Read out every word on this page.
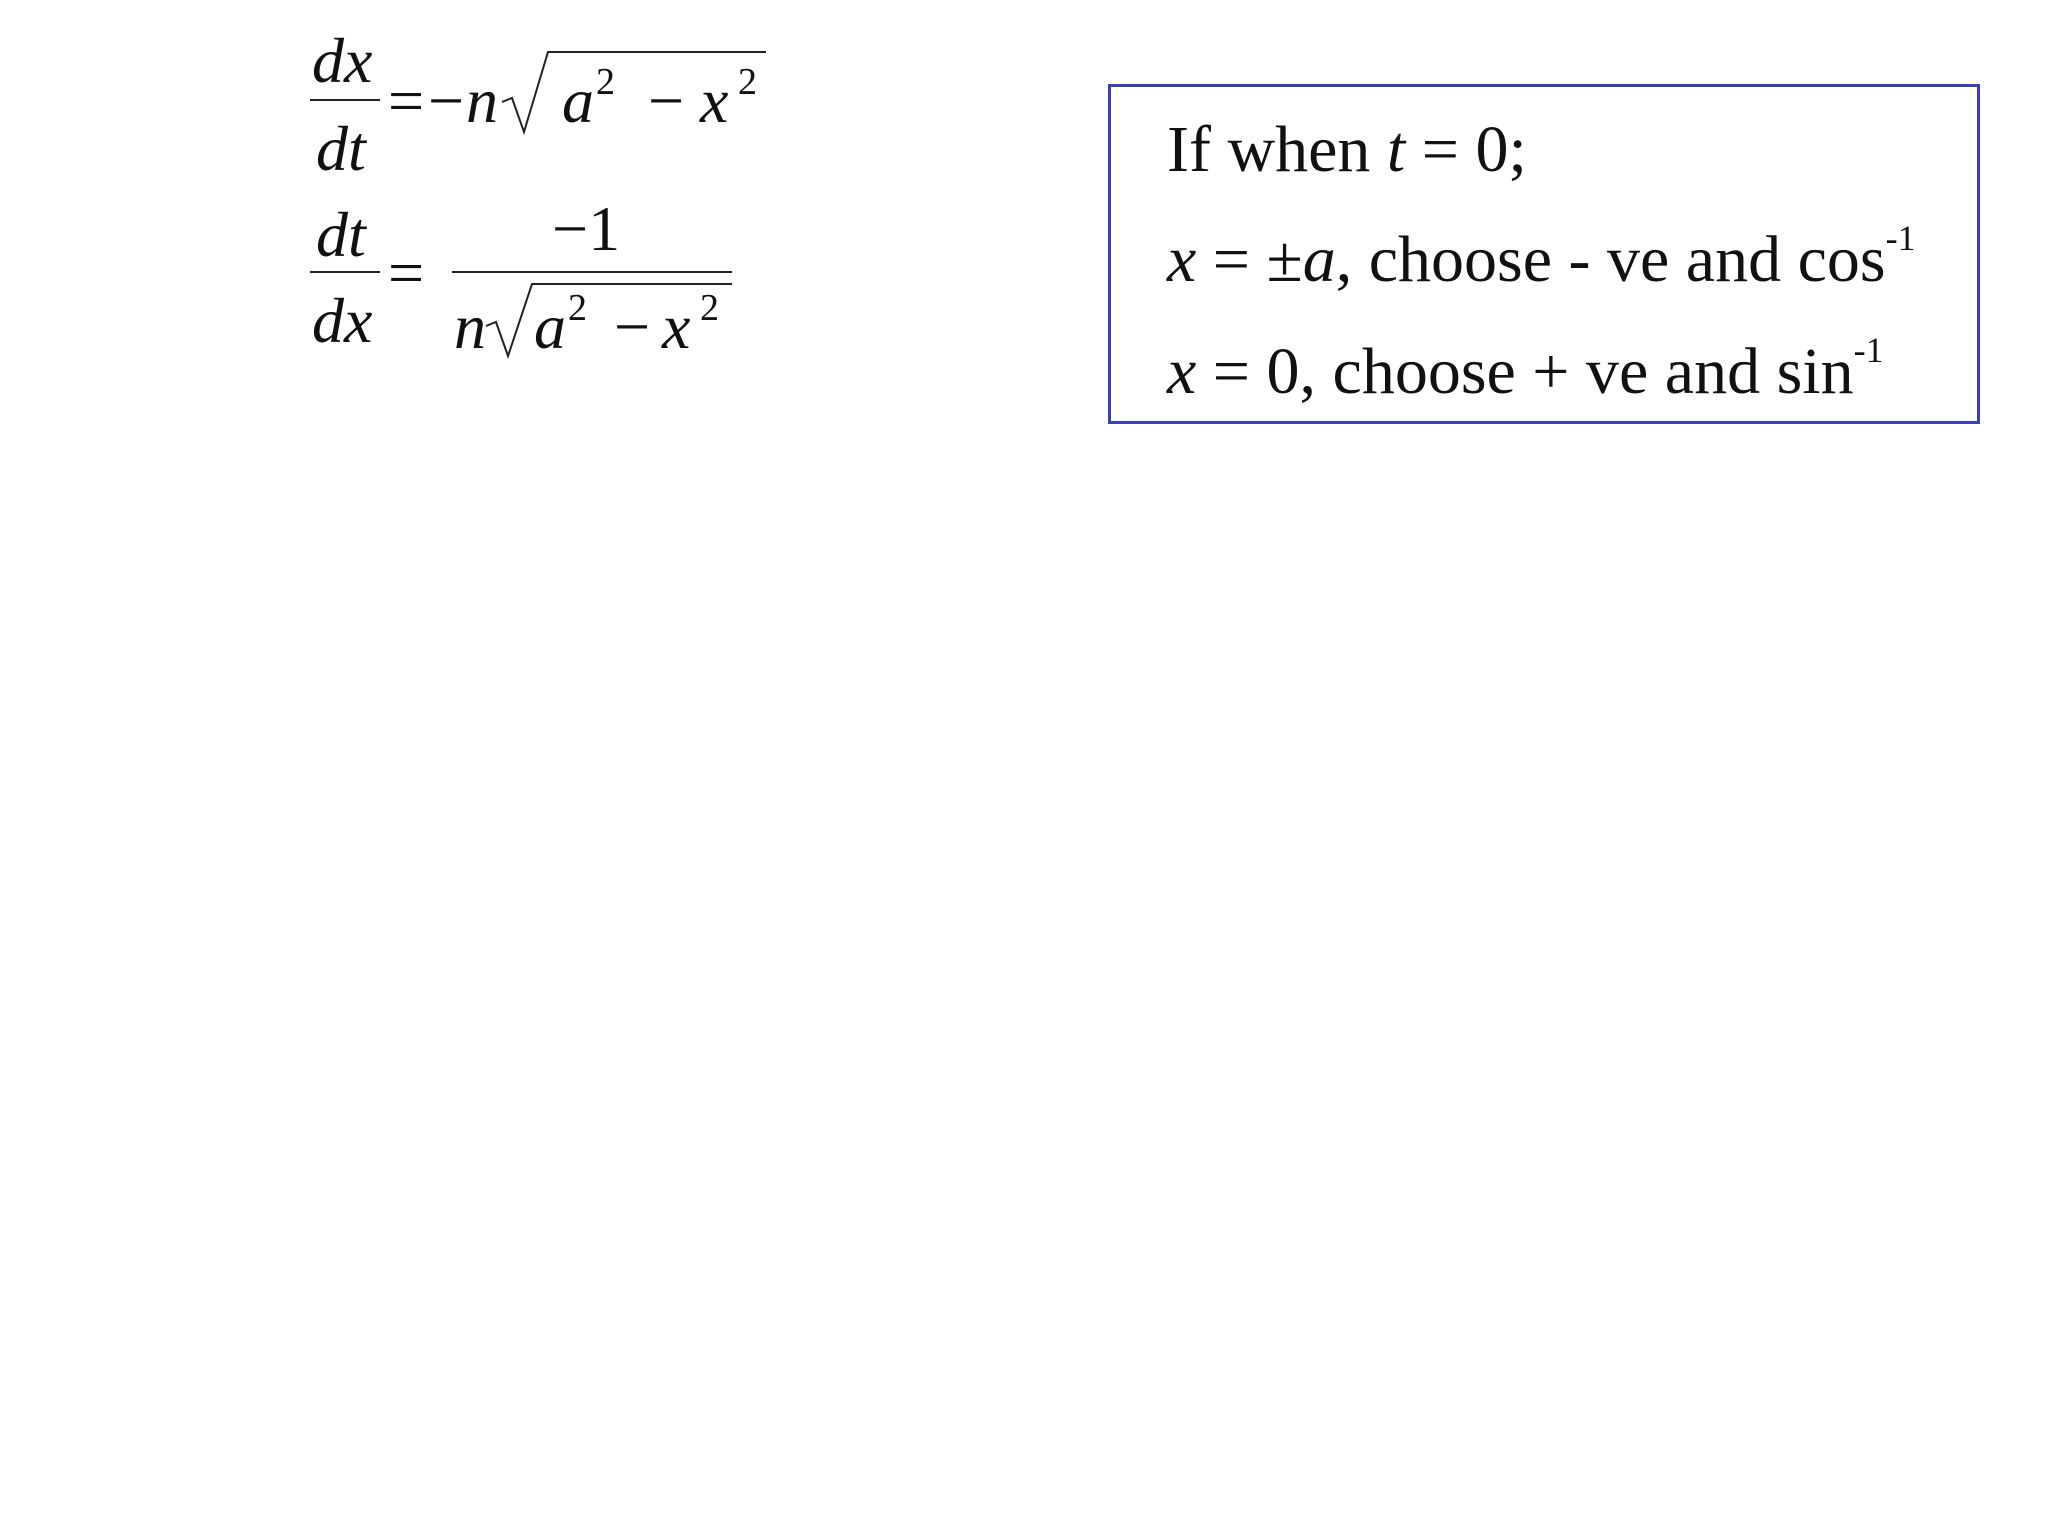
dx
dt
= − n a 2 − x 2
dt
dx
=
−1
n a 2 − x 2
If when t = 0;
x = ±a, choose - ve and $\cos^{-1}$
x = 0, choose + ve and $\sin^{-1}$
